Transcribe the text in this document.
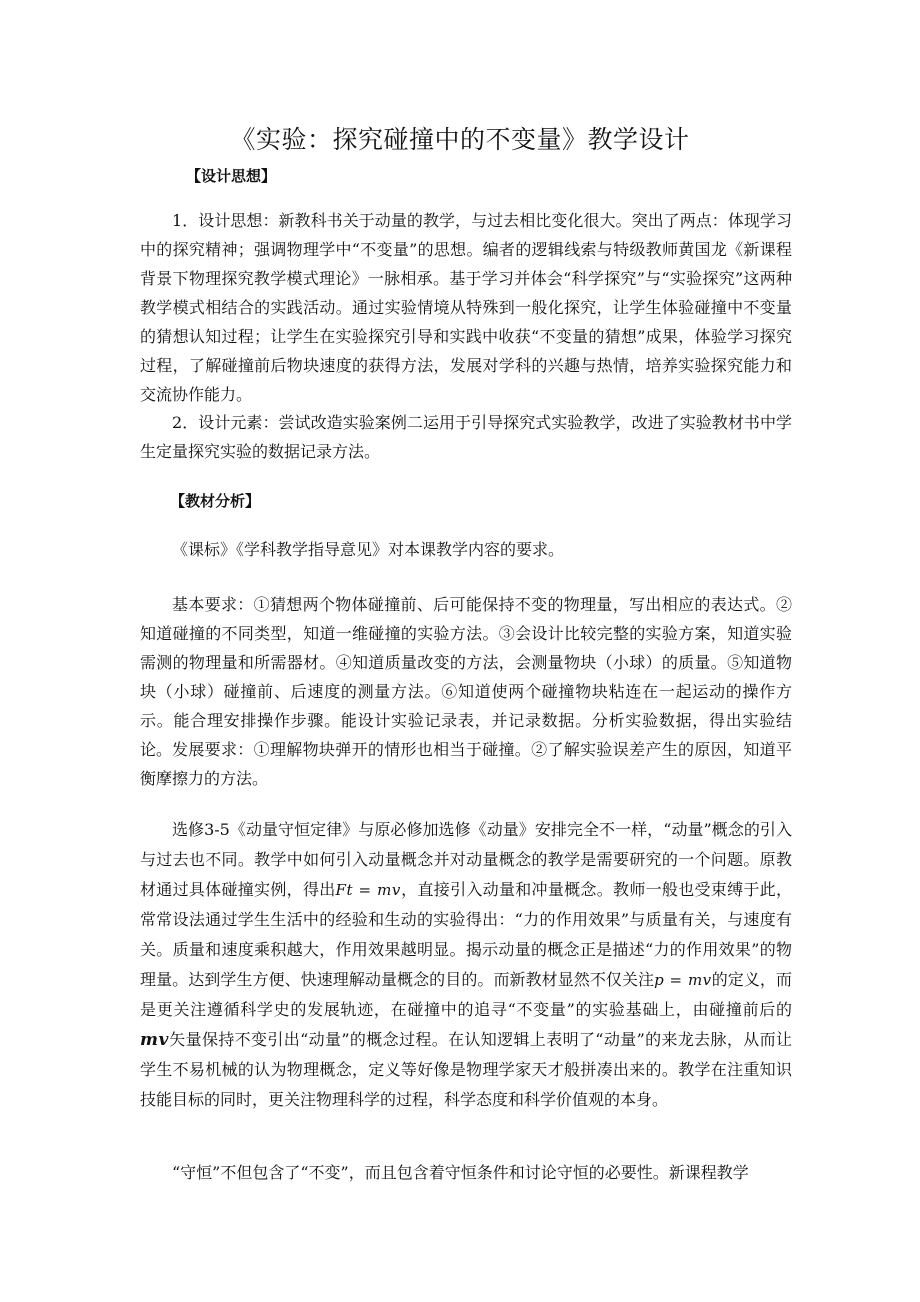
《实验：探究碰撞中的不变量》教学设计
【设计思想】
1．设计思想：新教科书关于动量的教学，与过去相比变化很大。突出了两点：体现学习中的探究精神；强调物理学中“不变量”的思想。编者的逻辑线索与特级教师黄国龙《新课程背景下物理探究教学模式理论》一脉相承。基于学习并体会“科学探究”与“实验探究”这两种教学模式相结合的实践活动。通过实验情境从特殊到一般化探究，让学生体验碰撞中不变量的猜想认知过程；让学生在实验探究引导和实践中收获“不变量的猜想”成果，体验学习探究过程，了解碰撞前后物块速度的获得方法，发展对学科的兴趣与热情，培养实验探究能力和交流协作能力。
2．设计元素：尝试改造实验案例二运用于引导探究式实验教学，改进了实验教材书中学生定量探究实验的数据记录方法。
【教材分析】
《课标》《学科教学指导意见》对本课教学内容的要求。
基本要求：①猜想两个物体碰撞前、后可能保持不变的物理量，写出相应的表达式。②知道碰撞的不同类型，知道一维碰撞的实验方法。③会设计比较完整的实验方案，知道实验需测的物理量和所需器材。④知道质量改变的方法，会测量物块（小球）的质量。⑤知道物块（小球）碰撞前、后速度的测量方法。⑥知道使两个碰撞物块粘连在一起运动的操作方示。能合理安排操作步骤。能设计实验记录表，并记录数据。分析实验数据，得出实验结论。 发展要求：①理解物块弹开的情形也相当于碰撞。②了解实验误差产生的原因，知道平衡摩擦力的方法。
选修3-5《动量守恒定律》与原必修加选修《动量》安排完全不一样，“动量”概念的引入与过去也不同。教学中如何引入动量概念并对动量概念的教学是需要研究的一个问题。原教材通过具体碰撞实例，得出Ft = mv，直接引入动量和冲量概念。教师一般也受束缚于此，常常设法通过学生生活中的经验和生动的实验得出：“力的作用效果”与质量有关，与速度有关。质量和速度乘积越大，作用效果越明显。揭示动量的概念正是描述“力的作用效果”的物理量。达到学生方便、快速理解动量概念的目的。而新教材显然不仅关注p = mv的定义，而是更关注遵循科学史的发展轨迹，在碰撞中的追寻“不变量”的实验基础上，由碰撞前后的mv矢量保持不变引出“动量”的概念过程。在认知逻辑上表明了“动量”的来龙去脉，从而让学生不易机械的认为物理概念，定义等好像是物理学家天才般拼凑出来的。教学在注重知识技能目标的同时，更关注物理科学的过程，科学态度和科学价值观的本身。
“守恒”不但包含了“不变”，而且包含着守恒条件和讨论守恒的必要性。新课程教学
